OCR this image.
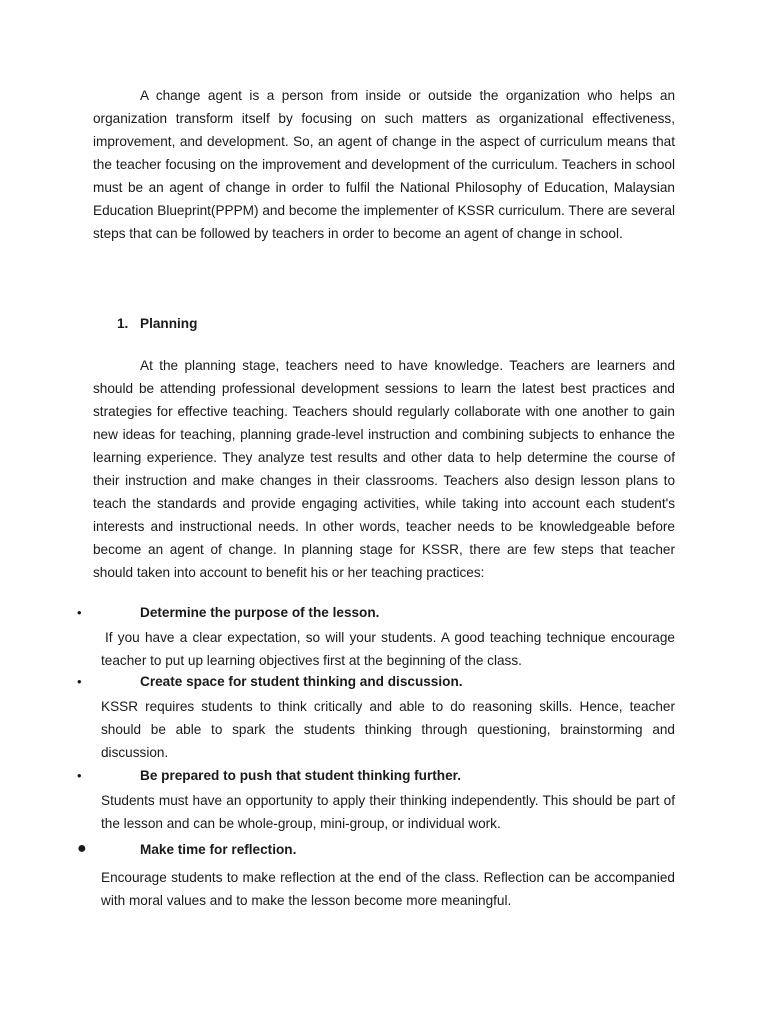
A change agent is a person from inside or outside the organization who helps an organization transform itself by focusing on such matters as organizational effectiveness, improvement, and development. So, an agent of change in the aspect of curriculum means that the teacher focusing on the improvement and development of the curriculum. Teachers in school must be an agent of change in order to fulfil the National Philosophy of Education, Malaysian Education Blueprint(PPPM) and become the implementer of KSSR curriculum. There are several steps that can be followed by teachers in order to become an agent of change in school.

1. Planning

At the planning stage, teachers need to have knowledge. Teachers are learners and should be attending professional development sessions to learn the latest best practices and strategies for effective teaching. Teachers should regularly collaborate with one another to gain new ideas for teaching, planning grade-level instruction and combining subjects to enhance the learning experience. They analyze test results and other data to help determine the course of their instruction and make changes in their classrooms. Teachers also design lesson plans to teach the standards and provide engaging activities, while taking into account each student's interests and instructional needs. In other words, teacher needs to be knowledgeable before become an agent of change. In planning stage for KSSR, there are few steps that teacher should taken into account to benefit his or her teaching practices:

•	Determine the purpose of the lesson.

If you have a clear expectation, so will your students. A good teaching technique encourage teacher to put up learning objectives first at the beginning of the class.

•	Create space for student thinking and discussion.

KSSR requires students to think critically and able to do reasoning skills. Hence, teacher should be able to spark the students thinking through questioning, brainstorming and discussion.

•	Be prepared to push that student thinking further.

Students must have an opportunity to apply their thinking independently. This should be part of the lesson and can be whole-group, mini-group, or individual work.

●	Make time for reflection.

Encourage students to make reflection at the end of the class. Reflection can be accompanied with moral values and to make the lesson become more meaningful.
